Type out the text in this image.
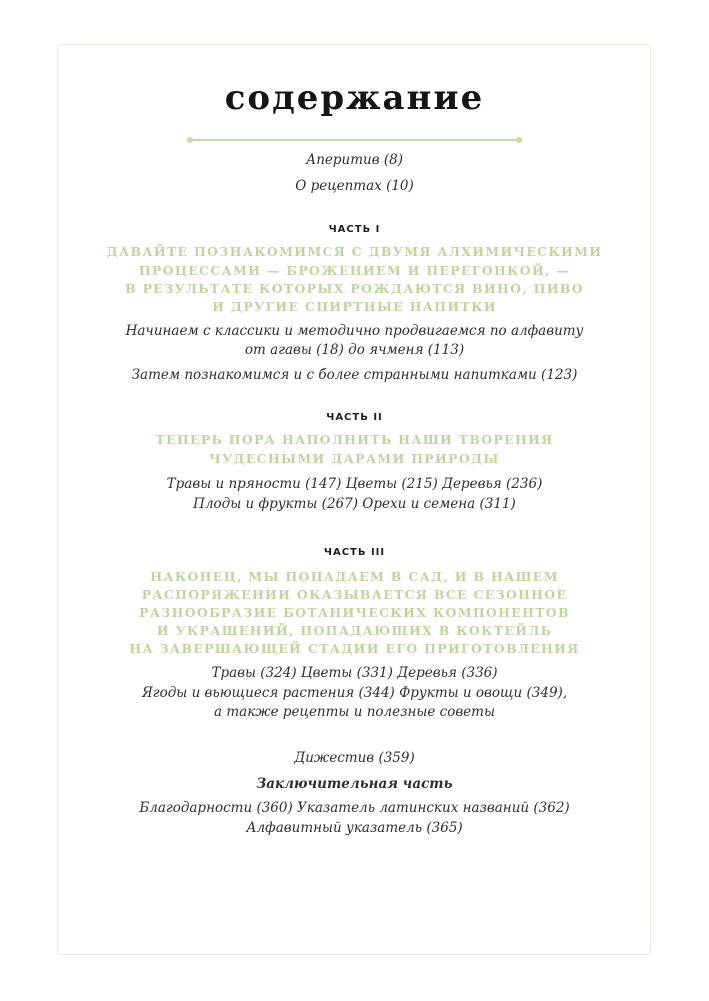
содержание
Аперитив (8)
О рецептах (10)
ЧАСТЬ I
ДАВАЙТЕ ПОЗНАКОМИМСЯ С ДВУМЯ АЛХИМИЧЕСКИМИ
ПРОЦЕССАМИ — БРОЖЕНИЕМ И ПЕРЕГОНКОЙ, —
В РЕЗУЛЬТАТЕ КОТОРЫХ РОЖДАЮТСЯ ВИНО, ПИВО
И ДРУГИЕ СПИРТНЫЕ НАПИТКИ
Начинаем с классики и методично продвигаемся по алфавиту
от агавы (18) до ячменя (113)
Затем познакомимся и с более странными напитками (123)
ЧАСТЬ II
ТЕПЕРЬ ПОРА НАПОЛНИТЬ НАШИ ТВОРЕНИЯ
ЧУДЕСНЫМИ ДАРАМИ ПРИРОДЫ
Травы и пряности (147) Цветы (215) Деревья (236)
Плоды и фрукты (267) Орехи и семена (311)
ЧАСТЬ III
НАКОНЕЦ, МЫ ПОПАДАЕМ В САД, И В НАШЕМ
РАСПОРЯЖЕНИИ ОКАЗЫВАЕТСЯ ВСЕ СЕЗОННОЕ
РАЗНООБРАЗИЕ БОТАНИЧЕСКИХ КОМПОНЕНТОВ
И УКРАШЕНИЙ, ПОПАДАЮЩИХ В КОКТЕЙЛЬ
НА ЗАВЕРШАЮЩЕЙ СТАДИИ ЕГО ПРИГОТОВЛЕНИЯ
Травы (324) Цветы (331) Деревья (336)
Ягоды и вьющиеся растения (344) Фрукты и овощи (349),
а также рецепты и полезные советы
Дижестив (359)
Заключительная часть
Благодарности (360) Указатель латинских названий (362)
Алфавитный указатель (365)
